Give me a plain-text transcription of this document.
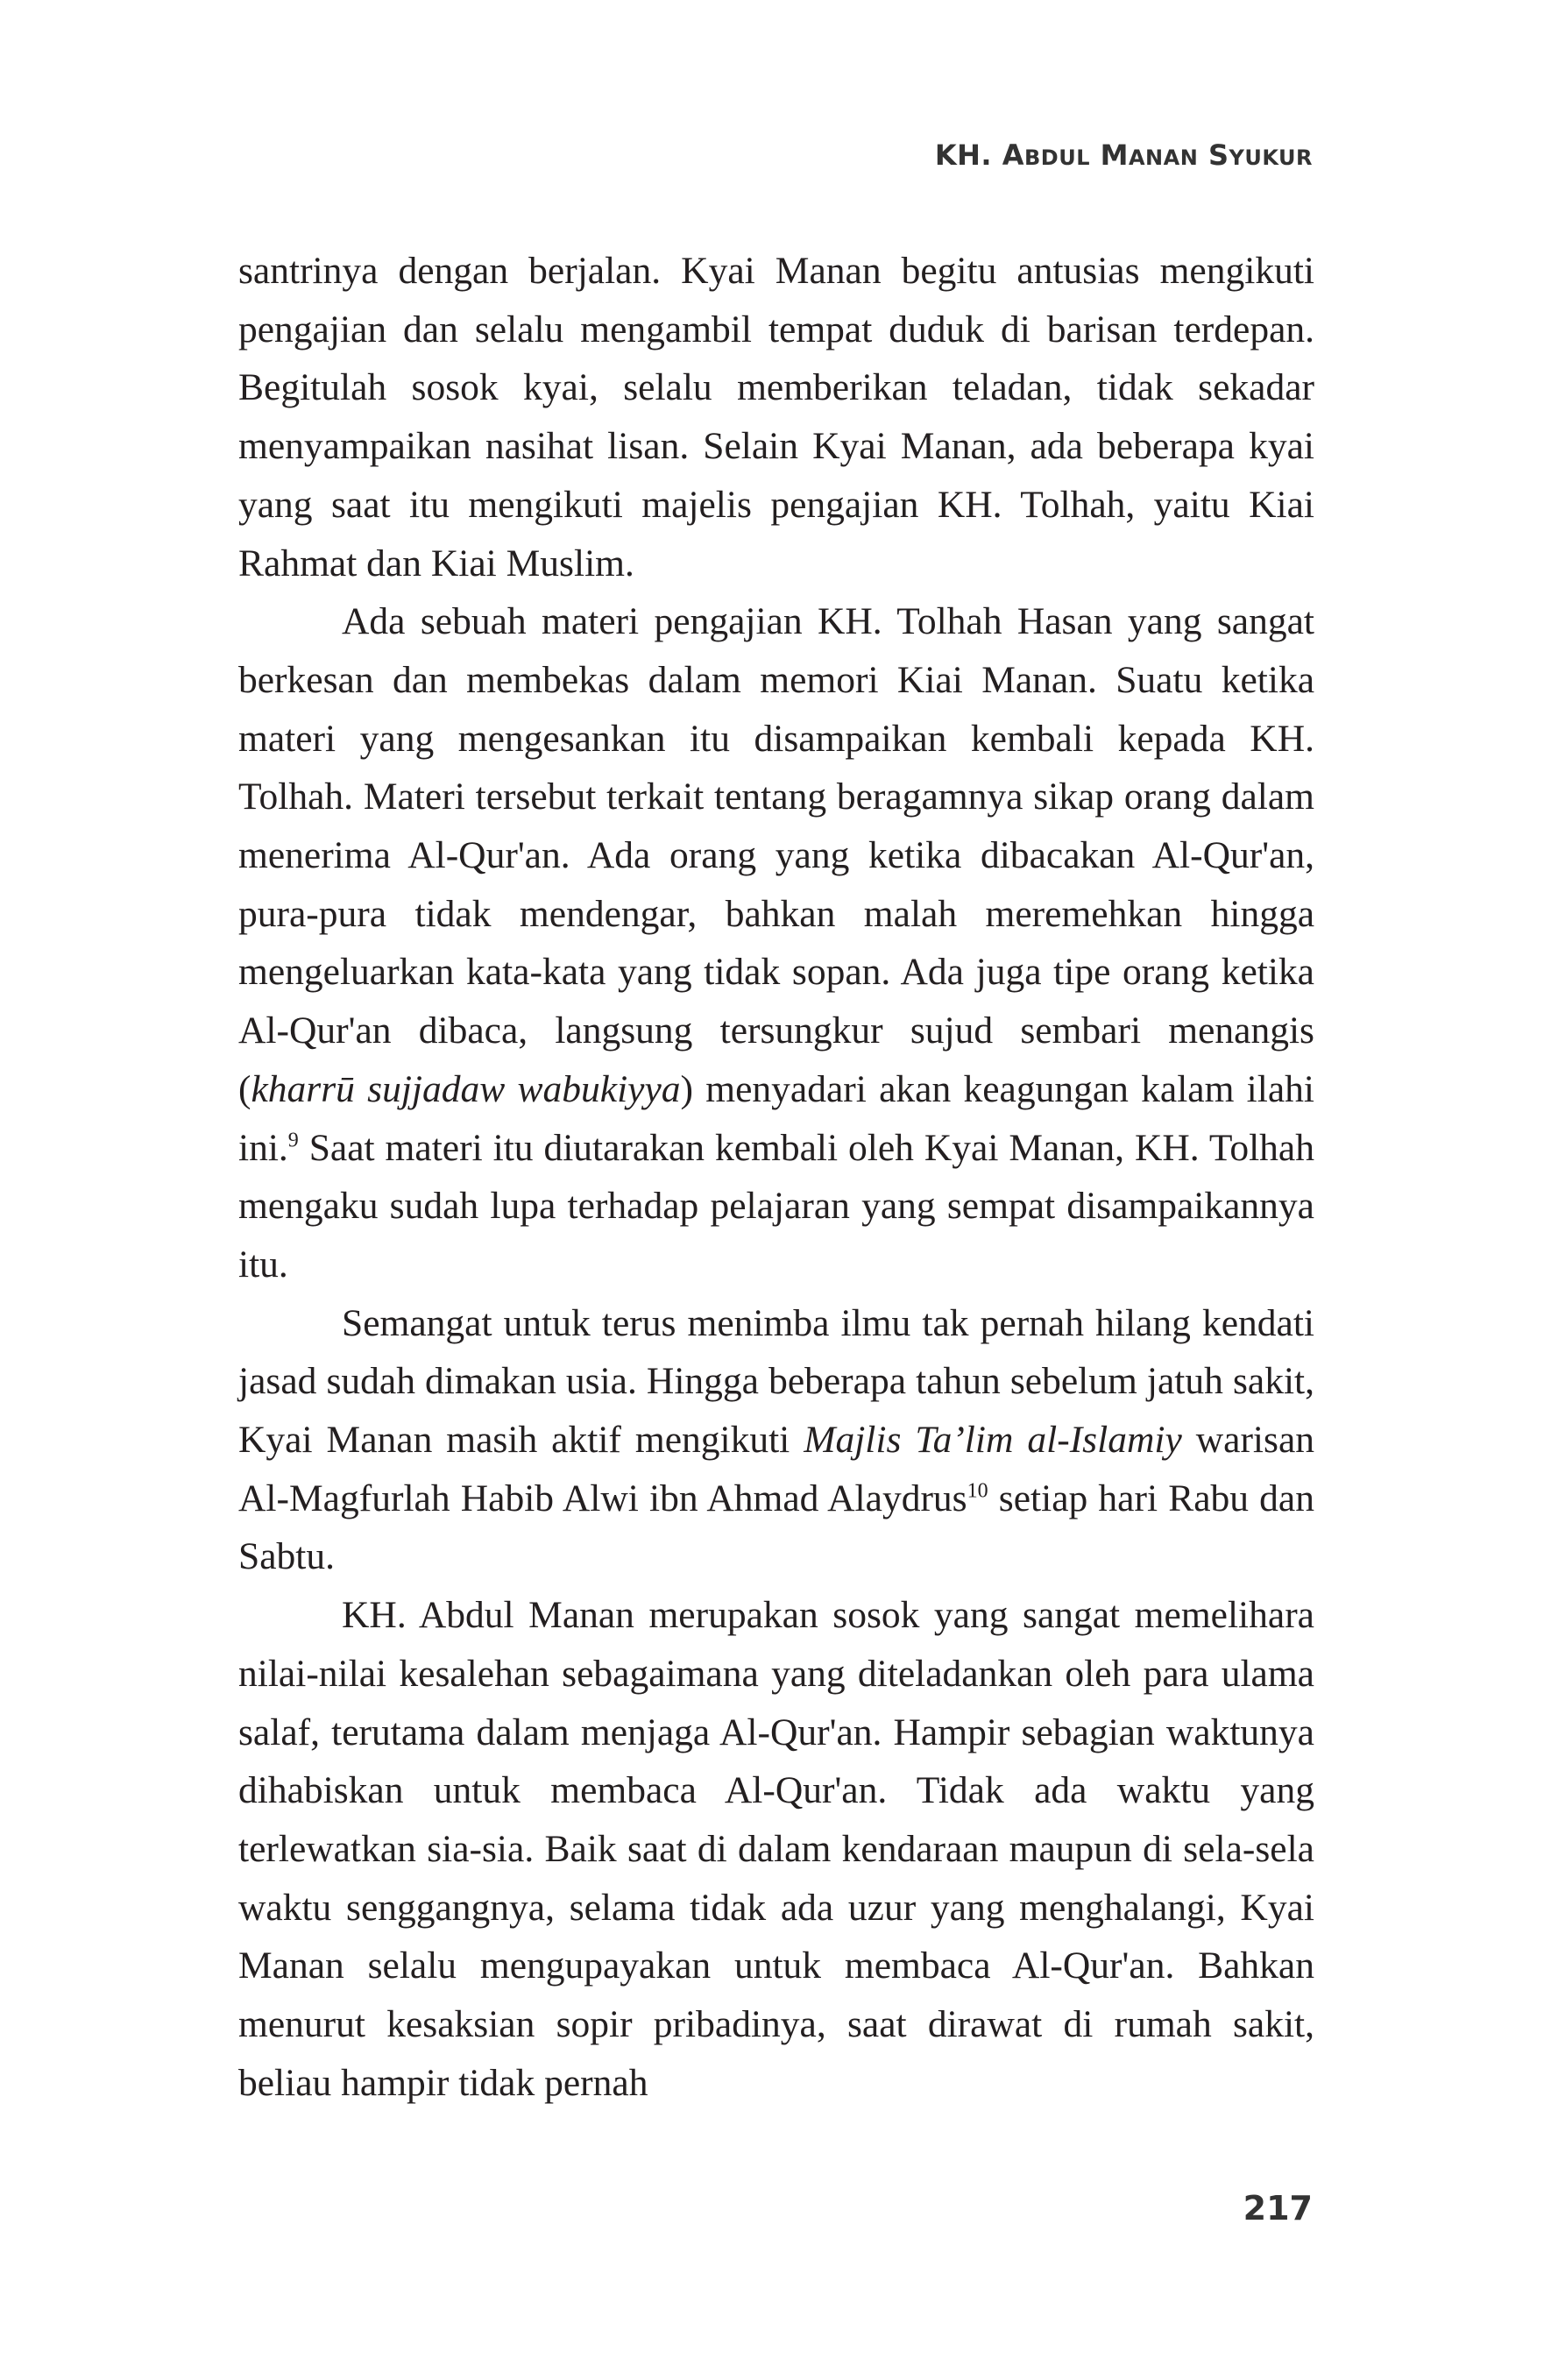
KH. ABDUL MANAN SYUKUR

santrinya dengan berjalan. Kyai Manan begitu antusias mengikuti pengajian dan selalu mengambil tempat duduk di barisan terdepan. Begitulah sosok kyai, selalu memberikan teladan, tidak sekadar menyampaikan nasihat lisan. Selain Kyai Manan, ada beberapa kyai yang saat itu mengikuti majelis pengajian KH. Tolhah, yaitu Kiai Rahmat dan Kiai Muslim.

Ada sebuah materi pengajian KH. Tolhah Hasan yang sangat berkesan dan membekas dalam memori Kiai Manan. Suatu ketika materi yang mengesankan itu disampaikan kembali kepada KH. Tolhah. Materi tersebut terkait tentang beragamnya sikap orang dalam menerima Al-Qur'an. Ada orang yang ketika dibacakan Al-Qur'an, pura-pura tidak mendengar, bahkan malah meremehkan hingga mengeluarkan kata-kata yang tidak sopan. Ada juga tipe orang ketika Al-Qur'an dibaca, langsung tersungkur sujud sembari menangis (kharrū sujjadaw wabukiyya) menyadari akan keagungan kalam ilahi ini.$^9$ Saat materi itu diutarakan kembali oleh Kyai Manan, KH. Tolhah mengaku sudah lupa terhadap pelajaran yang sempat disampaikannya itu.

Semangat untuk terus menimba ilmu tak pernah hilang kendati jasad sudah dimakan usia. Hingga beberapa tahun sebelum jatuh sakit, Kyai Manan masih aktif mengikuti Majlis Ta’lim al-Islamiy warisan Al-Magfurlah Habib Alwi ibn Ahmad Alaydrus$^{10}$ setiap hari Rabu dan Sabtu.

KH. Abdul Manan merupakan sosok yang sangat memelihara nilai-nilai kesalehan sebagaimana yang diteladankan oleh para ulama salaf, terutama dalam menjaga Al-Qur'an. Hampir sebagian waktunya dihabiskan untuk membaca Al-Qur'an. Tidak ada waktu yang terlewatkan sia-sia. Baik saat di dalam kendaraan maupun di sela-sela waktu senggangnya, selama tidak ada uzur yang menghalangi, Kyai Manan selalu mengupayakan untuk membaca Al-Qur'an. Bahkan menurut kesaksian sopir pribadinya, saat dirawat di rumah sakit, beliau hampir tidak pernah

217
